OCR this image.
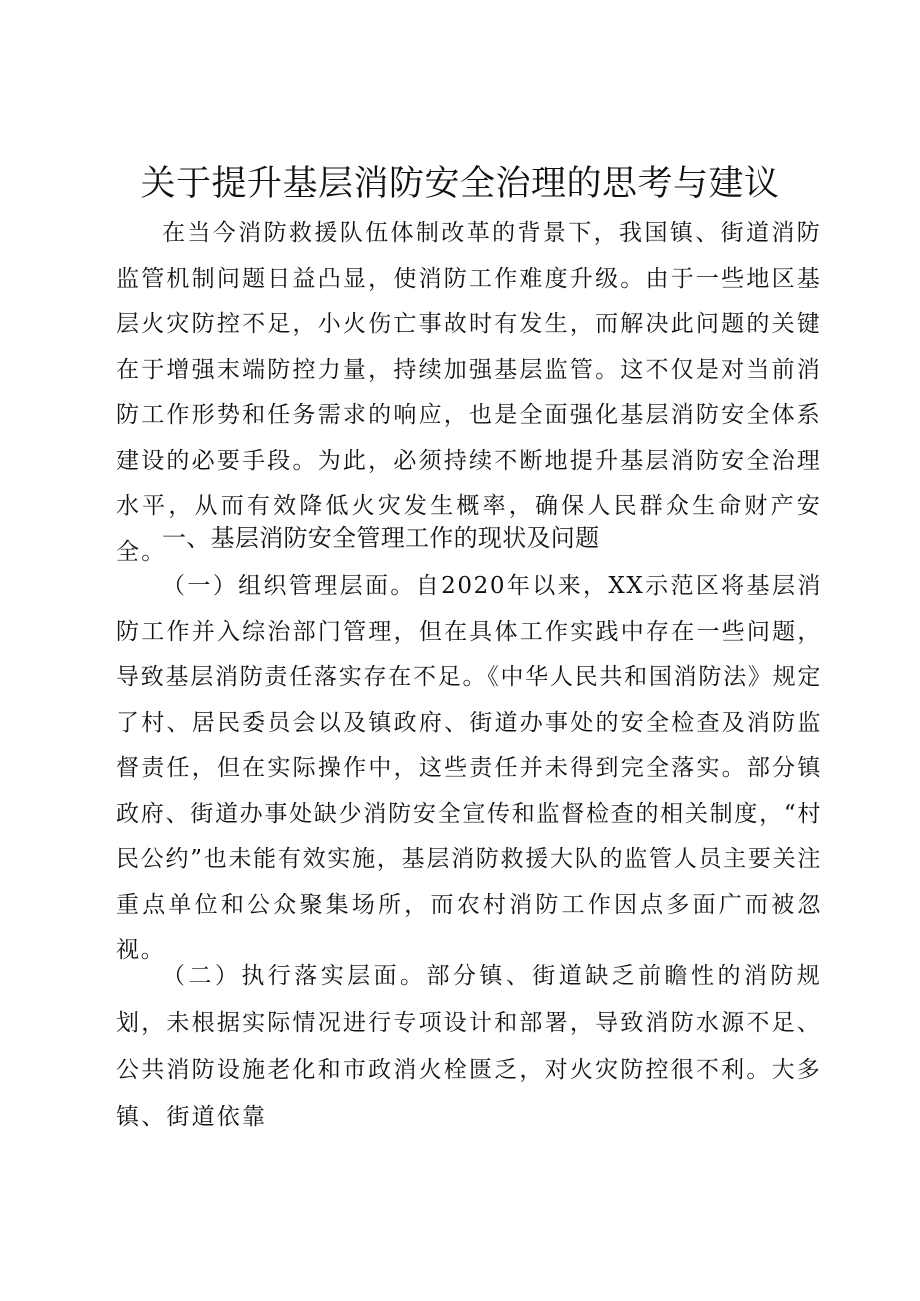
关于提升基层消防安全治理的思考与建议

在当今消防救援队伍体制改革的背景下，我国镇、街道消防监管机制问题日益凸显，使消防工作难度升级。由于一些地区基层火灾防控不足，小火伤亡事故时有发生，而解决此问题的关键在于增强末端防控力量，持续加强基层监管。这不仅是对当前消防工作形势和任务需求的响应，也是全面强化基层消防安全体系建设的必要手段。为此，必须持续不断地提升基层消防安全治理水平，从而有效降低火灾发生概率，确保人民群众生命财产安全。

一、基层消防安全管理工作的现状及问题

（一）组织管理层面。自2020年以来，XX示范区将基层消防工作并入综治部门管理，但在具体工作实践中存在一些问题，导致基层消防责任落实存在不足。《中华人民共和国消防法》规定了村、居民委员会以及镇政府、街道办事处的安全检查及消防监督责任，但在实际操作中，这些责任并未得到完全落实。部分镇政府、街道办事处缺少消防安全宣传和监督检查的相关制度，“村民公约”也未能有效实施，基层消防救援大队的监管人员主要关注重点单位和公众聚集场所，而农村消防工作因点多面广而被忽视。

（二）执行落实层面。部分镇、街道缺乏前瞻性的消防规划，未根据实际情况进行专项设计和部署，导致消防水源不足、公共消防设施老化和市政消火栓匮乏，对火灾防控很不利。大多镇、街道依靠
